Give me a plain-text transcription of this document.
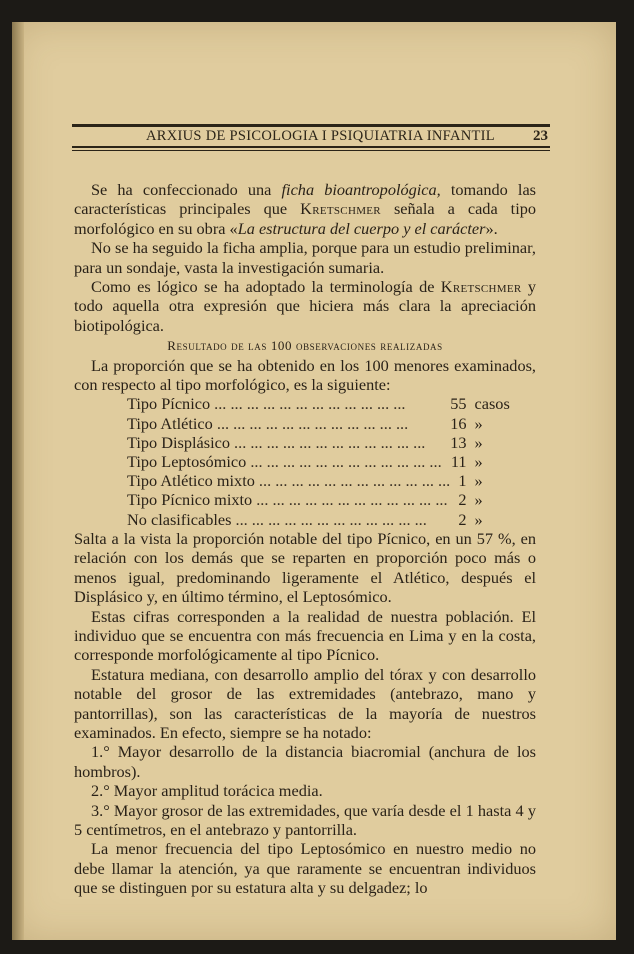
ARXIUS DE PSICOLOGIA I PSIQUIATRIA INFANTIL	23

Se ha confeccionado una ficha bioantropológica, tomando las características principales que Kretschmer señala a cada tipo morfológico en su obra «La estructura del cuerpo y el carácter».

No se ha seguido la ficha amplia, porque para un estudio preliminar, para un sondaje, vasta la investigación sumaria.

Como es lógico se ha adoptado la terminología de Kretschmer y todo aquella otra expresión que hiciera más clara la apreciación biotipológica.

Resultado de las 100 observaciones realizadas

La proporción que se ha obtenido en los 100 menores examinados, con respecto al tipo morfológico, es la siguiente:

Tipo Pícnico ... .	55	casos
Tipo Atlético ... .	16	»
Tipo Displásico ... .	13	»
Tipo Leptosómico ... .	11	»
Tipo Atlético mixto ... .	1	»
Tipo Pícnico mixto ... .	2	»
No clasificables ... .	2	»

Salta a la vista la proporción notable del tipo Pícnico, en un 57 %, en relación con los demás que se reparten en proporción poco más o menos igual, predominando ligeramente el Atlético, después el Displásico y, en último término, el Leptosómico.

Estas cifras corresponden a la realidad de nuestra población. El individuo que se encuentra con más frecuencia en Lima y en la costa, corresponde morfológicamente al tipo Pícnico.

Estatura mediana, con desarrollo amplio del tórax y con desarrollo notable del grosor de las extremidades (antebrazo, mano y pantorrillas), son las características de la mayoría de nuestros examinados. En efecto, siempre se ha notado:

1.° Mayor desarrollo de la distancia biacromial (anchura de los hombros).

2.° Mayor amplitud torácica media.

3.° Mayor grosor de las extremidades, que varía desde el 1 hasta 4 y 5 centímetros, en el antebrazo y pantorrilla.

La menor frecuencia del tipo Leptosómico en nuestro medio no debe llamar la atención, ya que raramente se encuentran individuos que se distinguen por su estatura alta y su delgadez; lo
